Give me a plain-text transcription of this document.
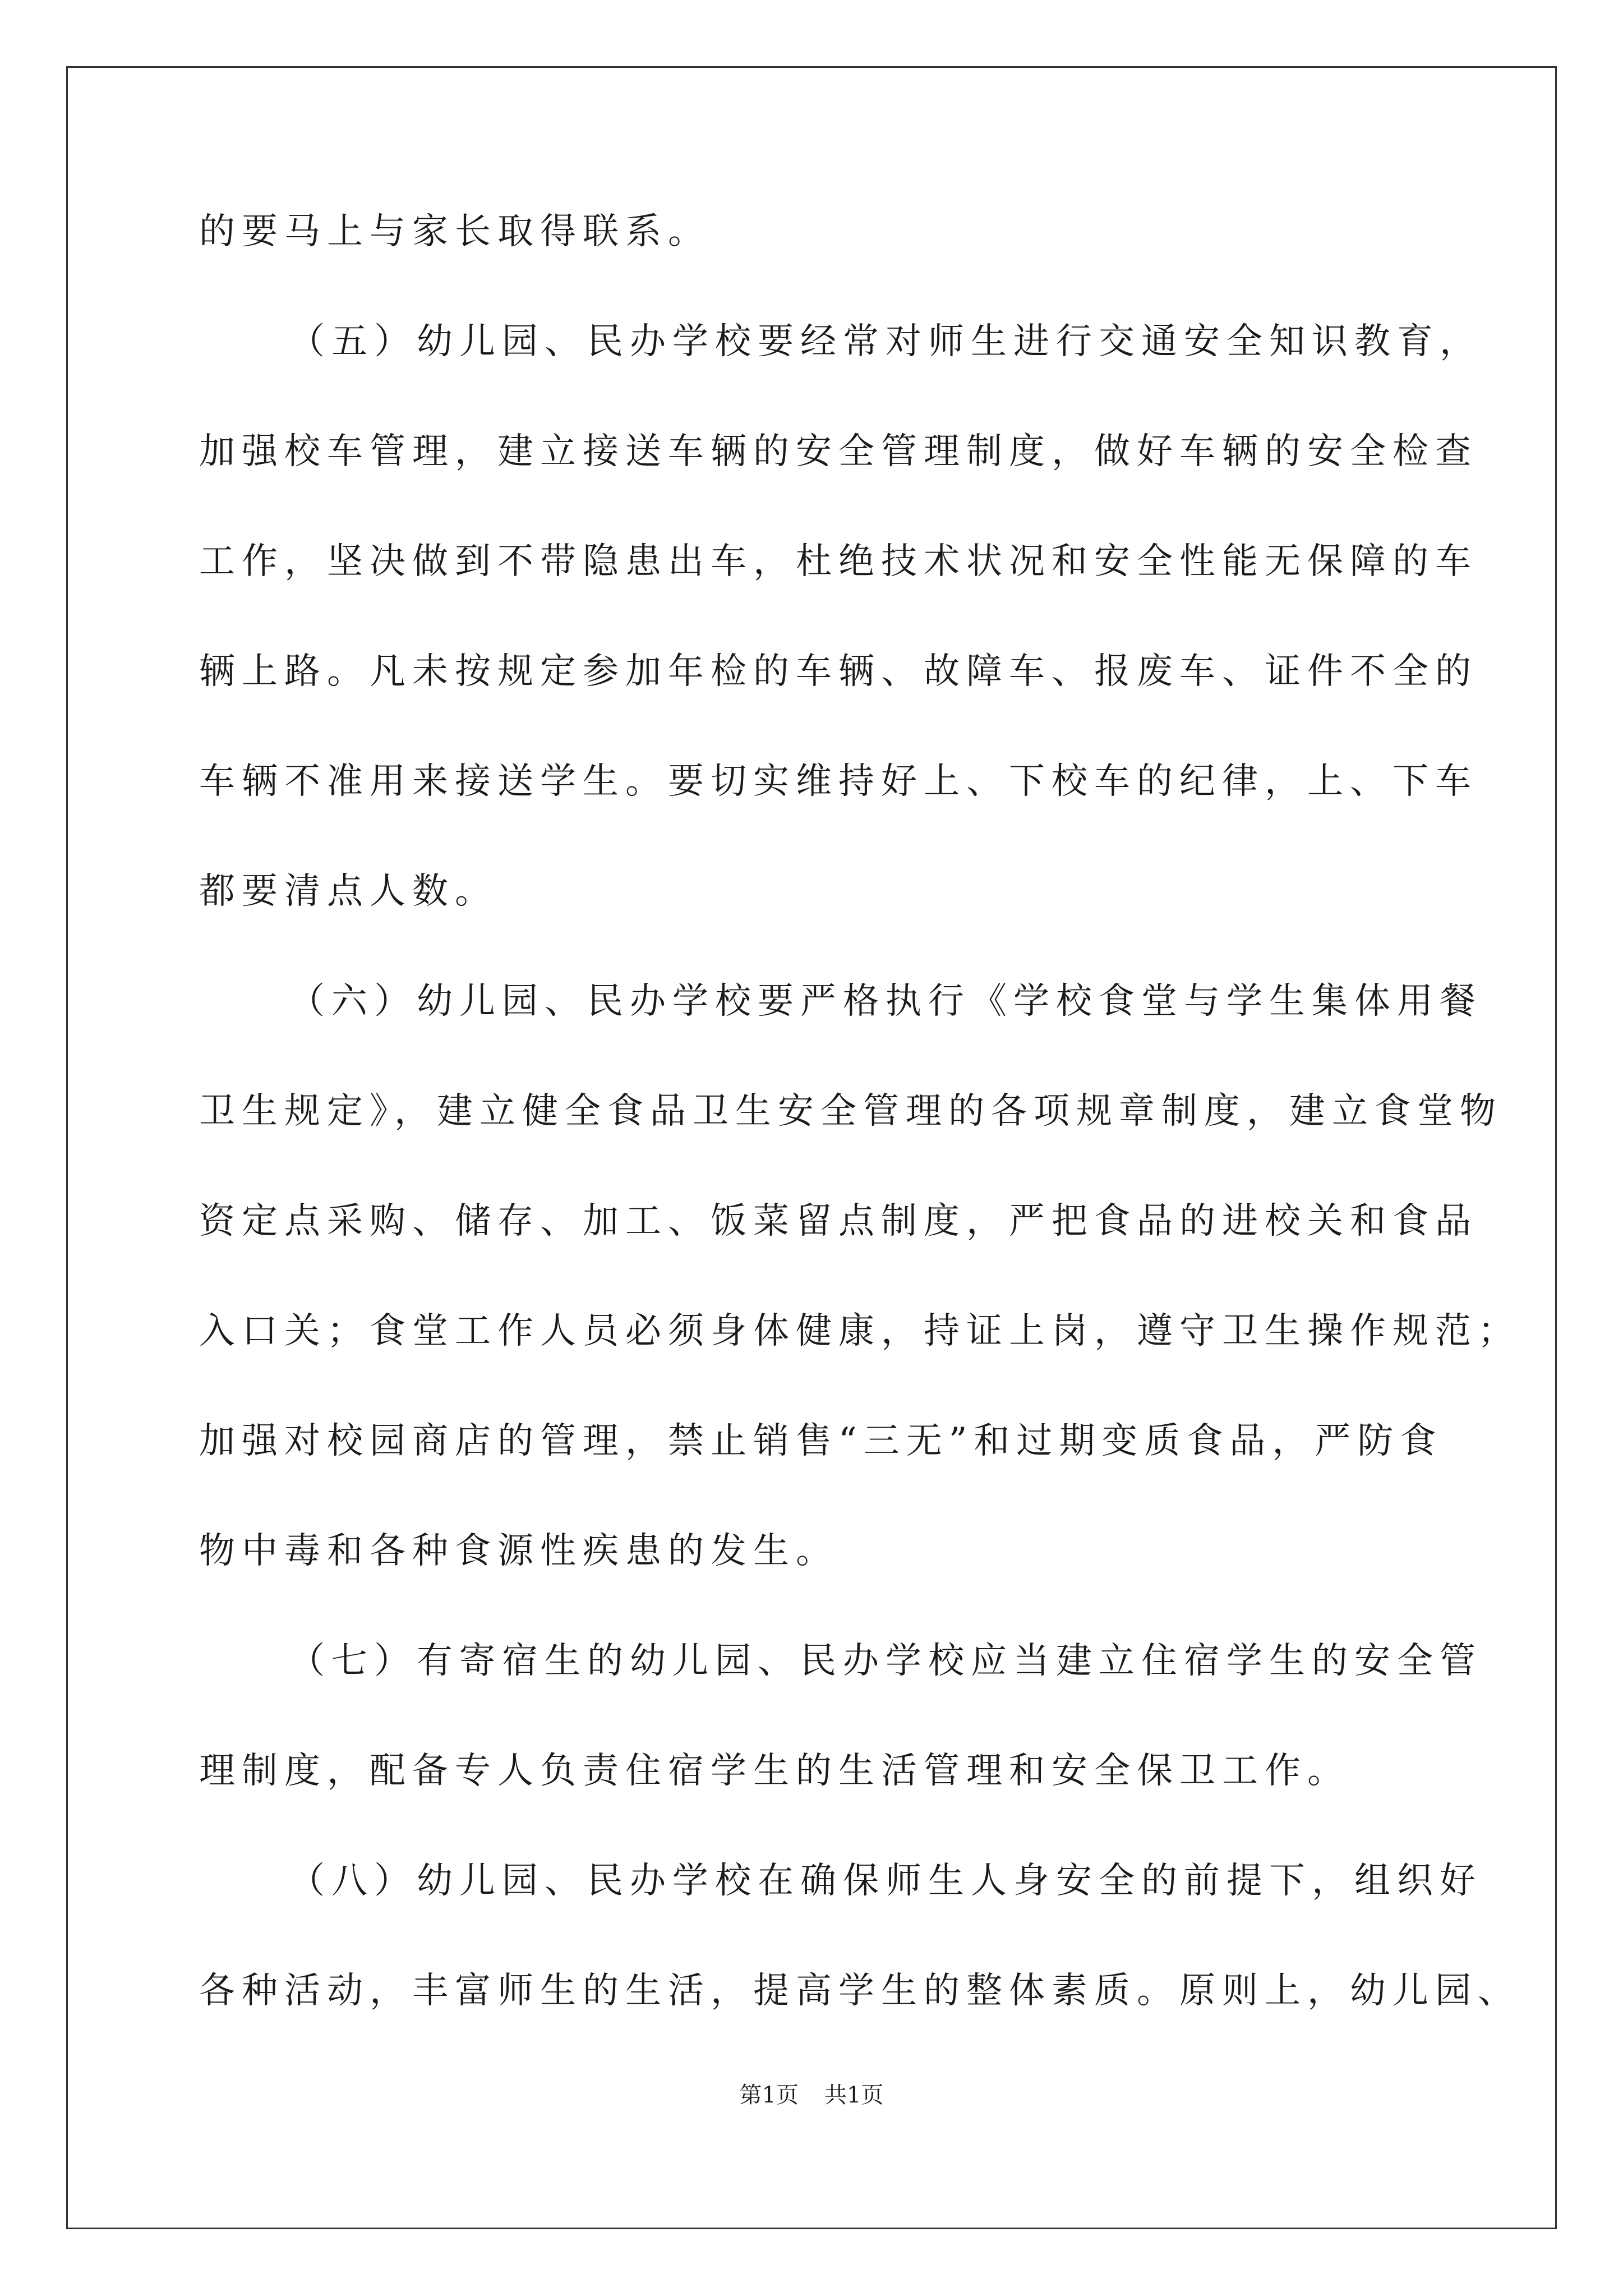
的要马上与家长取得联系。
（五）幼儿园、民办学校要经常对师生进行交通安全知识教育，
加强校车管理，建立接送车辆的安全管理制度，做好车辆的安全检查
工作，坚决做到不带隐患出车，杜绝技术状况和安全性能无保障的车
辆上路。凡未按规定参加年检的车辆、故障车、报废车、证件不全的
车辆不准用来接送学生。要切实维持好上、下校车的纪律，上、下车
都要清点人数。
（六）幼儿园、民办学校要严格执行《学校食堂与学生集体用餐
卫生规定》，建立健全食品卫生安全管理的各项规章制度，建立食堂物
资定点采购、储存、加工、饭菜留点制度，严把食品的进校关和食品
入口关；食堂工作人员必须身体健康，持证上岗，遵守卫生操作规范；
加强对校园商店的管理，禁止销售“三无”和过期变质食品，严防食
物中毒和各种食源性疾患的发生。
（七）有寄宿生的幼儿园、民办学校应当建立住宿学生的安全管
理制度，配备专人负责住宿学生的生活管理和安全保卫工作。
（八）幼儿园、民办学校在确保师生人身安全的前提下，组织好
各种活动，丰富师生的生活，提高学生的整体素质。原则上，幼儿园、
第1页 共1页
